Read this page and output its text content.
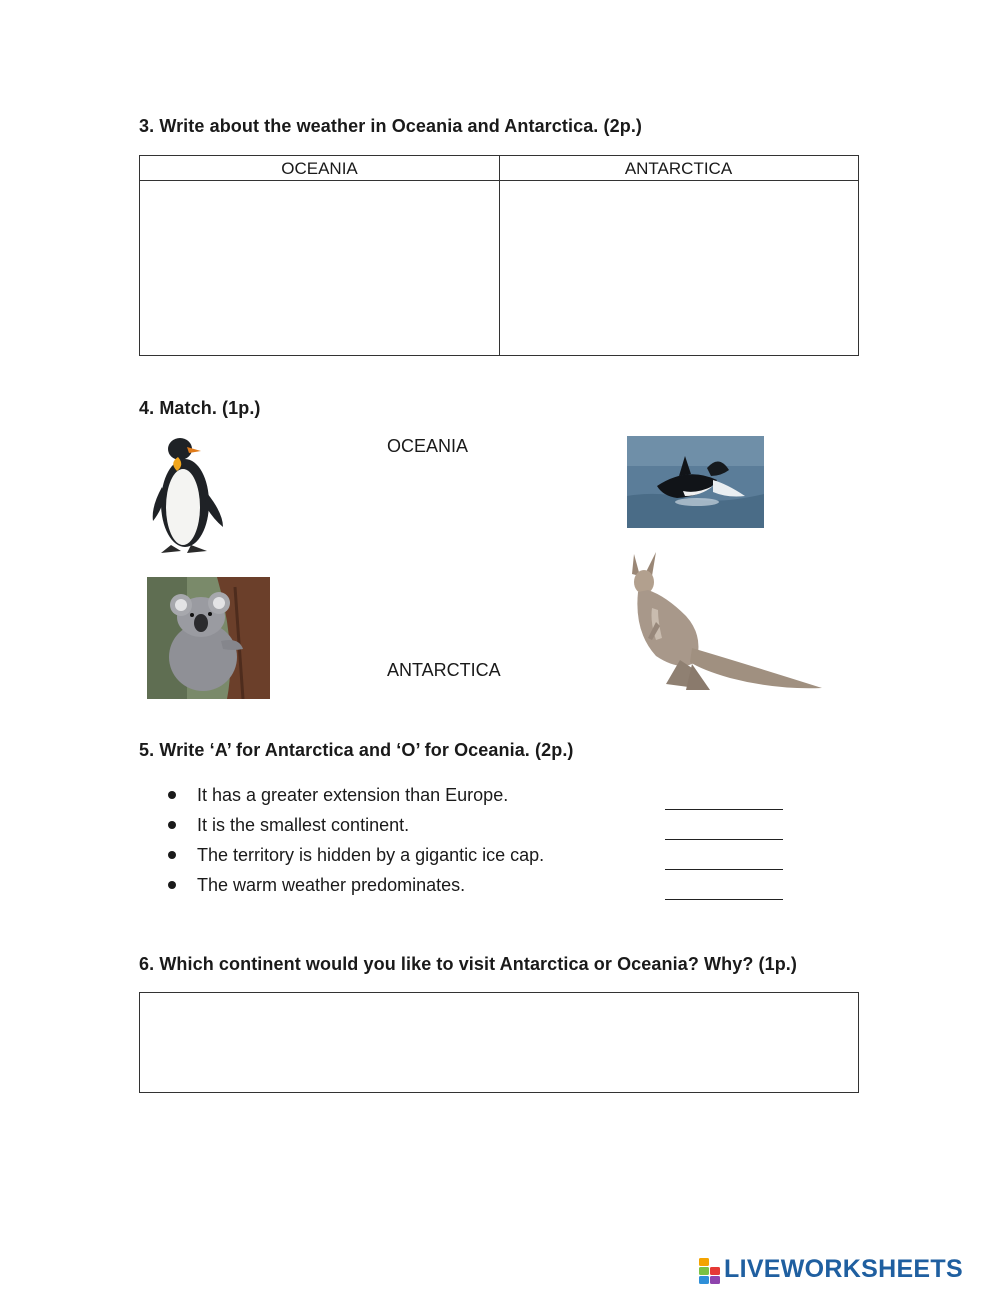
3. Write about the weather in Oceania and Antarctica. (2p.)
OCEANIA	ANTARCTICA
4. Match. (1p.)
OCEANIA
ANTARCTICA
5. Write ‘A’ for Antarctica and ‘O’ for Oceania. (2p.)
It has a greater extension than Europe.
It is the smallest continent.
The territory is hidden by a gigantic ice cap.
The warm weather predominates.
6. Which continent would you like to visit Antarctica or Oceania? Why? (1p.)
LIVEWORKSHEETS
